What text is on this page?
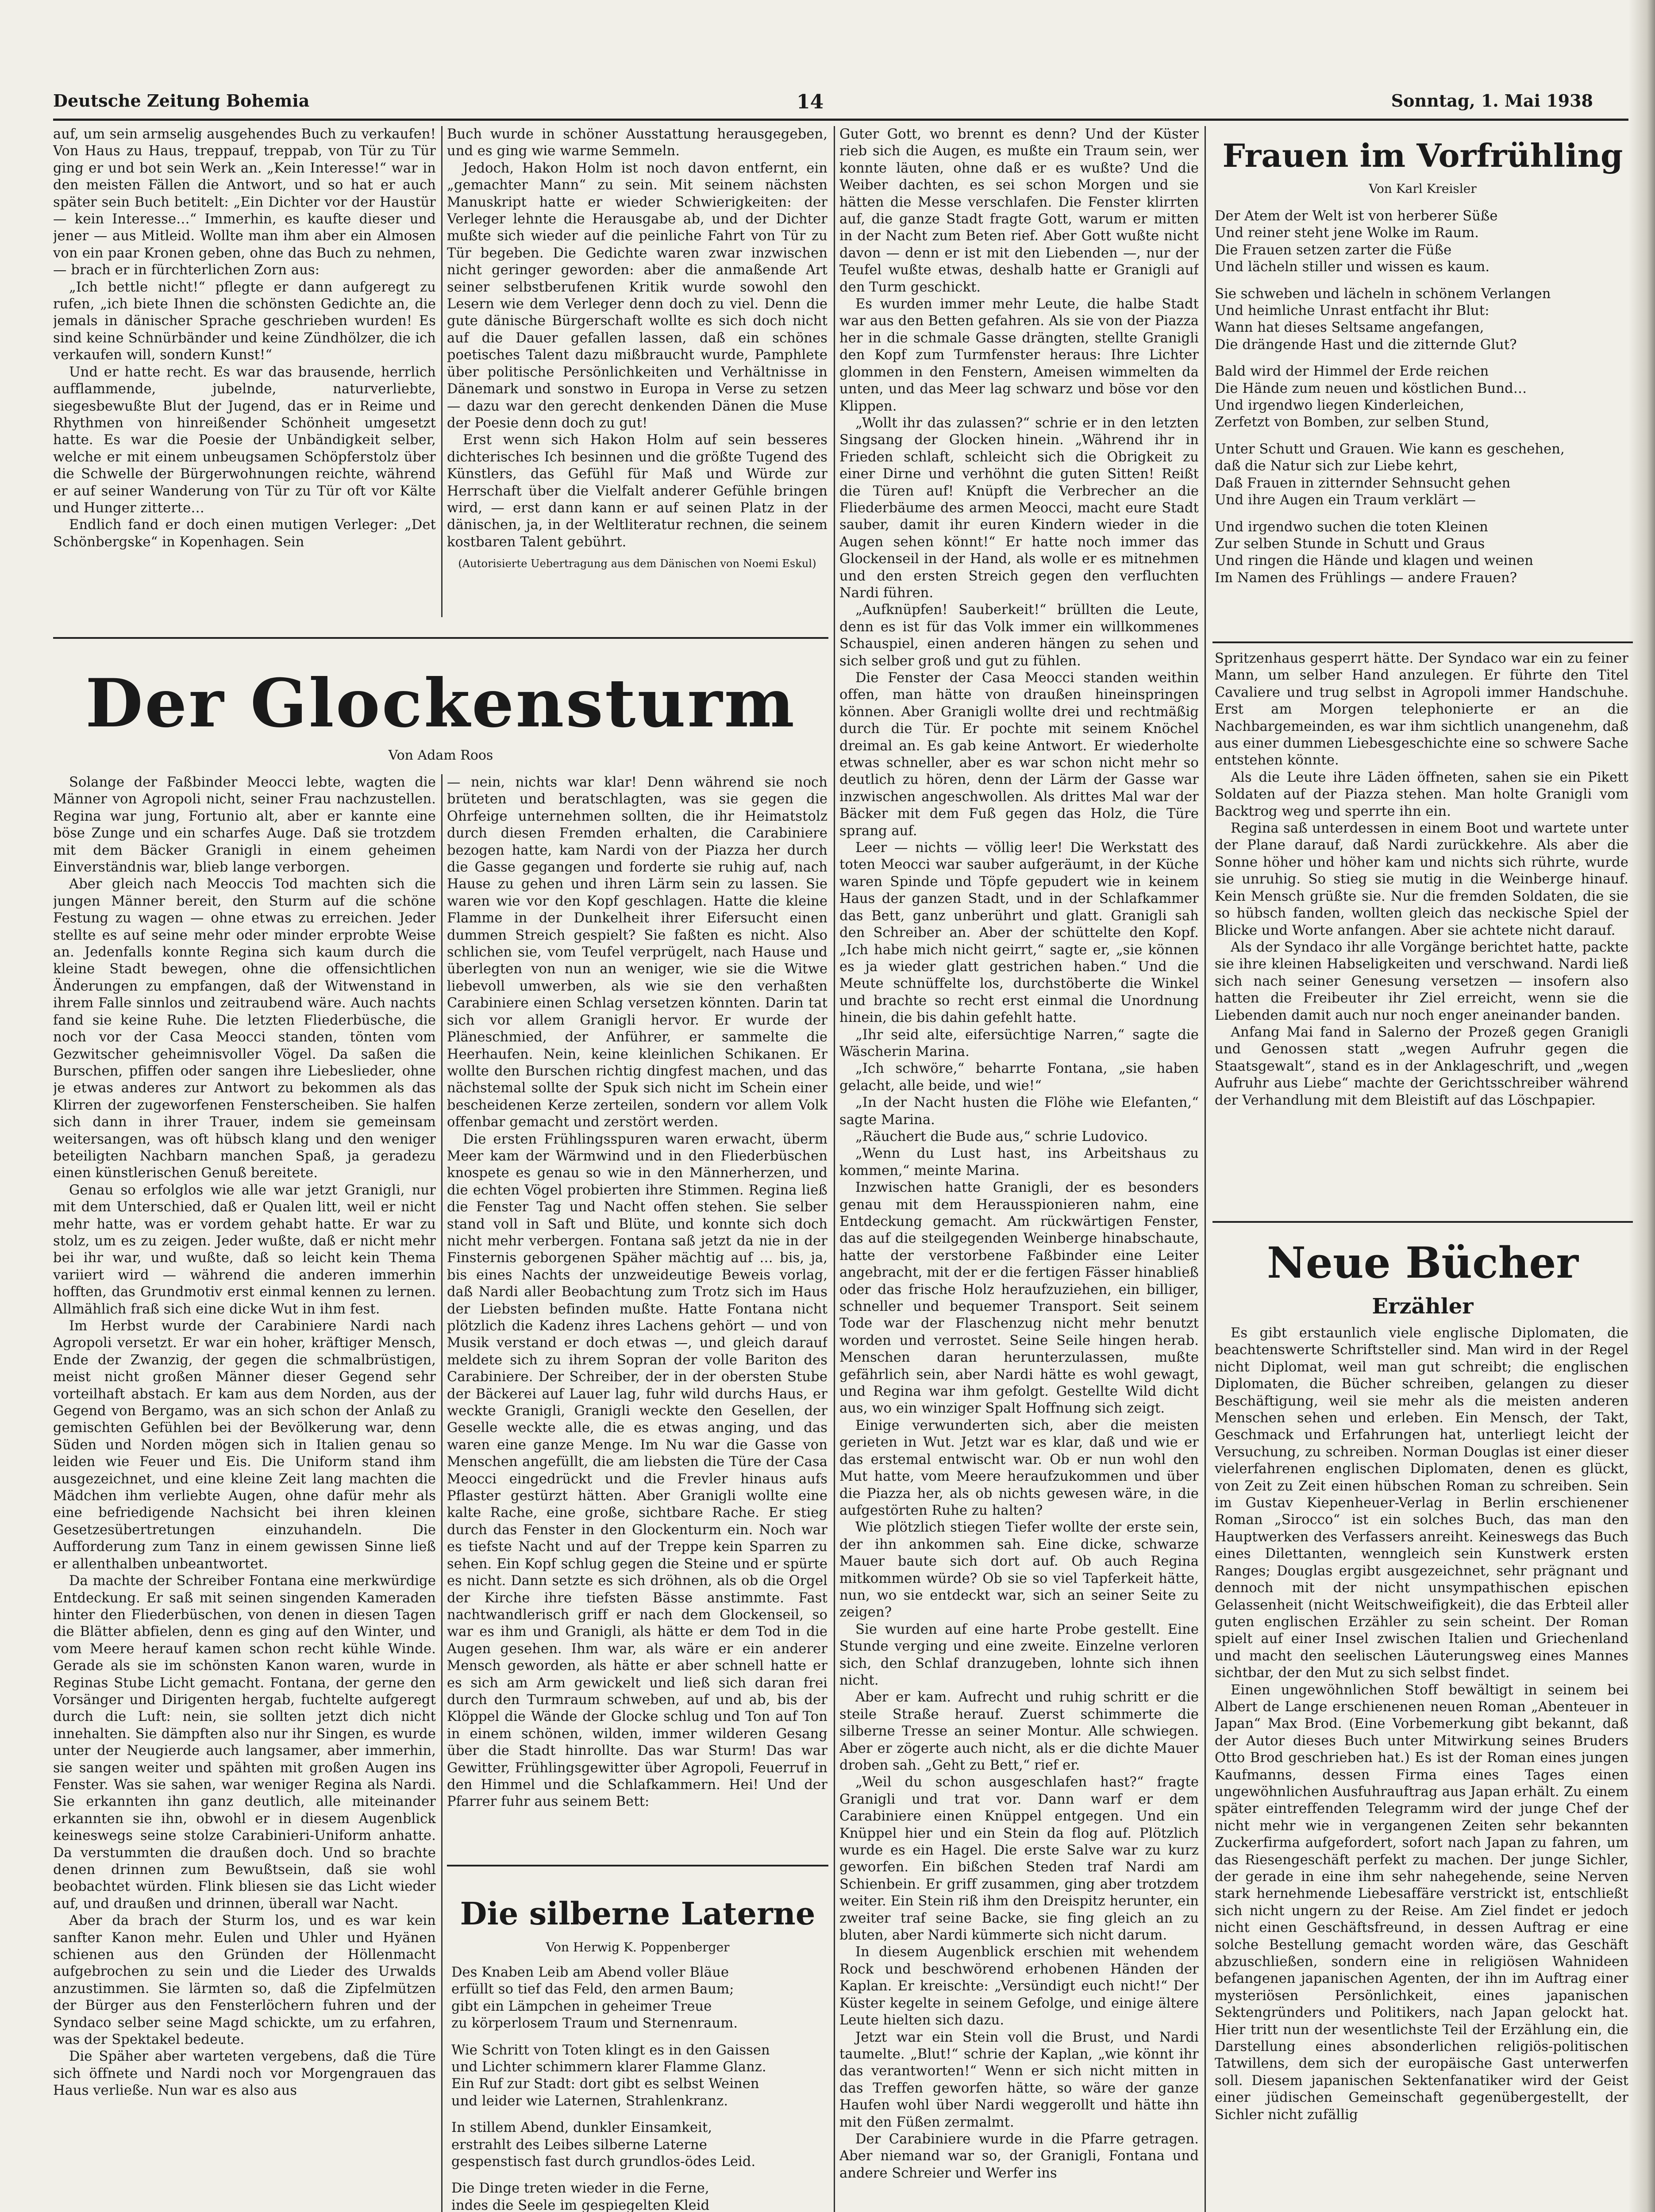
Deutsche Zeitung Bohemia	14	Sonntag, 1. Mai 1938

auf, um sein armselig ausgehendes Buch zu verkaufen! Von Haus zu Haus, treppauf, treppab, von Tür zu Tür ging er und bot sein Werk an. „Kein Interesse!“ war in den meisten Fällen die Antwort, und so hat er auch später sein Buch betitelt: „Ein Dichter vor der Haustür — kein Interesse…“ Immerhin, es kaufte dieser und jener — aus Mitleid. Wollte man ihm aber ein Almosen von ein paar Kronen geben, ohne das Buch zu nehmen, — brach er in fürchterlichen Zorn aus:

„Ich bettle nicht!“ pflegte er dann aufgeregt zu rufen, „ich biete Ihnen die schönsten Gedichte an, die jemals in dänischer Sprache geschrieben wurden! Es sind keine Schnürbänder und keine Zündhölzer, die ich verkaufen will, sondern Kunst!“

Und er hatte recht. Es war das brausende, herrlich aufflammende, jubelnde, naturverliebte, siegesbewußte Blut der Jugend, das er in Reime und Rhythmen von hinreißender Schönheit umgesetzt hatte. Es war die Poesie der Unbändigkeit selber, welche er mit einem unbeugsamen Schöpferstolz über die Schwelle der Bürgerwohnungen reichte, während er auf seiner Wanderung von Tür zu Tür oft vor Kälte und Hunger zitterte…

Endlich fand er doch einen mutigen Verleger: „Det Schönbergske“ in Kopenhagen. Sein

Buch wurde in schöner Ausstattung herausgegeben, und es ging wie warme Semmeln.

Jedoch, Hakon Holm ist noch davon entfernt, ein „gemachter Mann“ zu sein. Mit seinem nächsten Manuskript hatte er wieder Schwierigkeiten: der Verleger lehnte die Herausgabe ab, und der Dichter mußte sich wieder auf die peinliche Fahrt von Tür zu Tür begeben. Die Gedichte waren zwar inzwischen nicht geringer geworden: aber die anmaßende Art seiner selbstberufenen Kritik wurde sowohl den Lesern wie dem Verleger denn doch zu viel. Denn die gute dänische Bürgerschaft wollte es sich doch nicht auf die Dauer gefallen lassen, daß ein schönes poetisches Talent dazu mißbraucht wurde, Pamphlete über politische Persönlichkeiten und Verhältnisse in Dänemark und sonstwo in Europa in Verse zu setzen — dazu war den gerecht denkenden Dänen die Muse der Poesie denn doch zu gut!

Erst wenn sich Hakon Holm auf sein besseres dichterisches Ich besinnen und die größte Tugend des Künstlers, das Gefühl für Maß und Würde zur Herrschaft über die Vielfalt anderer Gefühle bringen wird, — erst dann kann er auf seinen Platz in der dänischen, ja, in der Weltliteratur rechnen, die seinem kostbaren Talent gebührt.

(Autorisierte Uebertragung aus dem Dänischen von Noemi Eskul)
Der Glockensturm
Von Adam Roos

Solange der Faßbinder Meocci lebte, wagten die Männer von Agropoli nicht, seiner Frau nachzustellen. Regina war jung, Fortunio alt, aber er kannte eine böse Zunge und ein scharfes Auge. Daß sie trotzdem mit dem Bäcker Granigli in einem geheimen Einverständnis war, blieb lange verborgen.

Aber gleich nach Meoccis Tod machten sich die jungen Männer bereit, den Sturm auf die schöne Festung zu wagen — ohne etwas zu erreichen. Jeder stellte es auf seine mehr oder minder erprobte Weise an. Jedenfalls konnte Regina sich kaum durch die kleine Stadt bewegen, ohne die offensichtlichen Änderungen zu empfangen, daß der Witwenstand in ihrem Falle sinnlos und zeitraubend wäre. Auch nachts fand sie keine Ruhe. Die letzten Fliederbüsche, die noch vor der Casa Meocci standen, tönten vom Gezwitscher geheimnisvoller Vögel. Da saßen die Burschen, pfiffen oder sangen ihre Liebeslieder, ohne je etwas anderes zur Antwort zu bekommen als das Klirren der zugeworfenen Fensterscheiben. Sie halfen sich dann in ihrer Trauer, indem sie gemeinsam weitersangen, was oft hübsch klang und den weniger beteiligten Nachbarn manchen Spaß, ja geradezu einen künstlerischen Genuß bereitete.

Genau so erfolglos wie alle war jetzt Granigli, nur mit dem Unterschied, daß er Qualen litt, weil er nicht mehr hatte, was er vordem gehabt hatte. Er war zu stolz, um es zu zeigen. Jeder wußte, daß er nicht mehr bei ihr war, und wußte, daß so leicht kein Thema variiert wird — während die anderen immerhin hofften, das Grundmotiv erst einmal kennen zu lernen. Allmählich fraß sich eine dicke Wut in ihm fest.

Im Herbst wurde der Carabiniere Nardi nach Agropoli versetzt. Er war ein hoher, kräftiger Mensch, Ende der Zwanzig, der gegen die schmalbrüstigen, meist nicht großen Männer dieser Gegend sehr vorteilhaft abstach. Er kam aus dem Norden, aus der Gegend von Bergamo, was an sich schon der Anlaß zu gemischten Gefühlen bei der Bevölkerung war, denn Süden und Norden mögen sich in Italien genau so leiden wie Feuer und Eis. Die Uniform stand ihm ausgezeichnet, und eine kleine Zeit lang machten die Mädchen ihm verliebte Augen, ohne dafür mehr als eine befriedigende Nachsicht bei ihren kleinen Gesetzesübertretungen einzuhandeln. Die Aufforderung zum Tanz in einem gewissen Sinne ließ er allenthalben unbeantwortet.

Da machte der Schreiber Fontana eine merkwürdige Entdeckung. Er saß mit seinen singenden Kameraden hinter den Fliederbüschen, von denen in diesen Tagen die Blätter abfielen, denn es ging auf den Winter, und vom Meere herauf kamen schon recht kühle Winde. Gerade als sie im schönsten Kanon waren, wurde in Reginas Stube Licht gemacht. Fontana, der gerne den Vorsänger und Dirigenten hergab, fuchtelte aufgeregt durch die Luft: nein, sie sollten jetzt dich nicht innehalten. Sie dämpften also nur ihr Singen, es wurde unter der Neugierde auch langsamer, aber immerhin, sie sangen weiter und spähten mit großen Augen ins Fenster. Was sie sahen, war weniger Regina als Nardi. Sie erkannten ihn ganz deutlich, alle miteinander erkannten sie ihn, obwohl er in diesem Augenblick keineswegs seine stolze Carabinieri-Uniform anhatte. Da verstummten die draußen doch. Und so brachte denen drinnen zum Bewußtsein, daß sie wohl beobachtet würden. Flink bliesen sie das Licht wieder auf, und draußen und drinnen, überall war Nacht.

Aber da brach der Sturm los, und es war kein sanfter Kanon mehr. Eulen und Uhler und Hyänen schienen aus den Gründen der Höllenmacht aufgebrochen zu sein und die Lieder des Urwalds anzustimmen. Sie lärmten so, daß die Zipfelmützen der Bürger aus den Fensterlöchern fuhren und der Syndaco selber seine Magd schickte, um zu erfahren, was der Spektakel bedeute.

Die Späher aber warteten vergebens, daß die Türe sich öffnete und Nardi noch vor Morgengrauen das Haus verließe. Nun war es also aus

— nein, nichts war klar! Denn während sie noch brüteten und beratschlagten, was sie gegen die Ohrfeige unternehmen sollten, die ihr Heimatstolz durch diesen Fremden erhalten, die Carabiniere bezogen hatte, kam Nardi von der Piazza her durch die Gasse gegangen und forderte sie ruhig auf, nach Hause zu gehen und ihren Lärm sein zu lassen. Sie waren wie vor den Kopf geschlagen. Hatte die kleine Flamme in der Dunkelheit ihrer Eifersucht einen dummen Streich gespielt? Sie faßten es nicht. Also schlichen sie, vom Teufel verprügelt, nach Hause und überlegten von nun an weniger, wie sie die Witwe liebevoll umwerben, als wie sie den verhaßten Carabiniere einen Schlag versetzen könnten. Darin tat sich vor allem Granigli hervor. Er wurde der Pläneschmied, der Anführer, er sammelte die Heerhaufen. Nein, keine kleinlichen Schikanen. Er wollte den Burschen richtig dingfest machen, und das nächstemal sollte der Spuk sich nicht im Schein einer bescheidenen Kerze zerteilen, sondern vor allem Volk offenbar gemacht und zerstört werden.

Die ersten Frühlingsspuren waren erwacht, überm Meer kam der Wärmwind und in den Fliederbüschen knospete es genau so wie in den Männerherzen, und die echten Vögel probierten ihre Stimmen. Regina ließ die Fenster Tag und Nacht offen stehen. Sie selber stand voll in Saft und Blüte, und konnte sich doch nicht mehr verbergen. Fontana saß jetzt da nie in der Finsternis geborgenen Späher mächtig auf … bis, ja, bis eines Nachts der unzweideutige Beweis vorlag, daß Nardi aller Beobachtung zum Trotz sich im Haus der Liebsten befinden mußte. Hatte Fontana nicht plötzlich die Kadenz ihres Lachens gehört — und von Musik verstand er doch etwas —, und gleich darauf meldete sich zu ihrem Sopran der volle Bariton des Carabiniere. Der Schreiber, der in der obersten Stube der Bäckerei auf Lauer lag, fuhr wild durchs Haus, er weckte Granigli, Granigli weckte den Gesellen, der Geselle weckte alle, die es etwas anging, und das waren eine ganze Menge. Im Nu war die Gasse von Menschen angefüllt, die am liebsten die Türe der Casa Meocci eingedrückt und die Frevler hinaus aufs Pflaster gestürzt hätten. Aber Granigli wollte eine kalte Rache, eine große, sichtbare Rache. Er stieg durch das Fenster in den Glockenturm ein. Noch war es tiefste Nacht und auf der Treppe kein Sparren zu sehen. Ein Kopf schlug gegen die Steine und er spürte es nicht. Dann setzte es sich dröhnen, als ob die Orgel der Kirche ihre tiefsten Bässe anstimmte. Fast nachtwandlerisch griff er nach dem Glockenseil, so war es ihm und Granigli, als hätte er dem Tod in die Augen gesehen. Ihm war, als wäre er ein anderer Mensch geworden, als hätte er aber schnell hatte er es sich am Arm gewickelt und ließ sich daran frei durch den Turmraum schweben, auf und ab, bis der Klöppel die Wände der Glocke schlug und Ton auf Ton in einem schönen, wilden, immer wilderen Gesang über die Stadt hinrollte. Das war Sturm! Das war Gewitter, Frühlingsgewitter über Agropoli, Feuerruf in den Himmel und die Schlafkammern. Hei! Und der Pfarrer fuhr aus seinem Bett:

Die silberne Laterne
Von Herwig K. Poppenberger
Des Knaben Leib am Abend voller Bläue
erfüllt so tief das Feld, den armen Baum;
gibt ein Lämpchen in geheimer Treue
zu körperlosem Traum und Sternenraum.
Wie Schritt von Toten klingt es in den Gaissen
und Lichter schimmern klarer Flamme Glanz.
Ein Ruf zur Stadt: dort gibt es selbst Weinen
und leider wie Laternen, Strahlenkranz.
In stillem Abend, dunkler Einsamkeit,
erstrahlt des Leibes silberne Laterne
gespenstisch fast durch grundlos-ödes Leid.
Die Dinge treten wieder in die Ferne,
indes die Seele im gespiegelten Kleid

Guter Gott, wo brennt es denn? Und der Küster rieb sich die Augen, es mußte ein Traum sein, wer konnte läuten, ohne daß er es wußte? Und die Weiber dachten, es sei schon Morgen und sie hätten die Messe verschlafen. Die Fenster klirrten auf, die ganze Stadt fragte Gott, warum er mitten in der Nacht zum Beten rief. Aber Gott wußte nicht davon — denn er ist mit den Liebenden —, nur der Teufel wußte etwas, deshalb hatte er Granigli auf den Turm geschickt.

Es wurden immer mehr Leute, die halbe Stadt war aus den Betten gefahren. Als sie von der Piazza her in die schmale Gasse drängten, stellte Granigli den Kopf zum Turmfenster heraus: Ihre Lichter glommen in den Fenstern, Ameisen wimmelten da unten, und das Meer lag schwarz und böse vor den Klippen.

„Wollt ihr das zulassen?“ schrie er in den letzten Singsang der Glocken hinein. „Während ihr in Frieden schlaft, schleicht sich die Obrigkeit zu einer Dirne und verhöhnt die guten Sitten! Reißt die Türen auf! Knüpft die Verbrecher an die Fliederbäume des armen Meocci, macht eure Stadt sauber, damit ihr euren Kindern wieder in die Augen sehen könnt!“ Er hatte noch immer das Glockenseil in der Hand, als wolle er es mitnehmen und den ersten Streich gegen den verfluchten Nardi führen.

„Aufknüpfen! Sauberkeit!“ brüllten die Leute, denn es ist für das Volk immer ein willkommenes Schauspiel, einen anderen hängen zu sehen und sich selber groß und gut zu fühlen.

Die Fenster der Casa Meocci standen weithin offen, man hätte von draußen hineinspringen können. Aber Granigli wollte drei und rechtmäßig durch die Tür. Er pochte mit seinem Knöchel dreimal an. Es gab keine Antwort. Er wiederholte etwas schneller, aber es war schon nicht mehr so deutlich zu hören, denn der Lärm der Gasse war inzwischen angeschwollen. Als drittes Mal war der Bäcker mit dem Fuß gegen das Holz, die Türe sprang auf.

Leer — nichts — völlig leer! Die Werkstatt des toten Meocci war sauber aufgeräumt, in der Küche waren Spinde und Töpfe gepudert wie in keinem Haus der ganzen Stadt, und in der Schlafkammer das Bett, ganz unberührt und glatt. Granigli sah den Schreiber an. Aber der schüttelte den Kopf. „Ich habe mich nicht geirrt,“ sagte er, „sie können es ja wieder glatt gestrichen haben.“ Und die Meute schnüffelte los, durchstöberte die Winkel und brachte so recht erst einmal die Unordnung hinein, die bis dahin gefehlt hatte.

„Ihr seid alte, eifersüchtige Narren,“ sagte die Wäscherin Marina.

„Ich schwöre,“ beharrte Fontana, „sie haben gelacht, alle beide, und wie!“

„In der Nacht husten die Flöhe wie Elefanten,“ sagte Marina.

„Räuchert die Bude aus,“ schrie Ludovico.

„Wenn du Lust hast, ins Arbeitshaus zu kommen,“ meinte Marina.

Inzwischen hatte Granigli, der es besonders genau mit dem Herausspionieren nahm, eine Entdeckung gemacht. Am rückwärtigen Fenster, das auf die steilgegenden Weinberge hinabschaute, hatte der verstorbene Faßbinder eine Leiter angebracht, mit der er die fertigen Fässer hinabließ oder das frische Holz heraufzuziehen, ein billiger, schneller und bequemer Transport. Seit seinem Tode war der Flaschenzug nicht mehr benutzt worden und verrostet. Seine Seile hingen herab. Menschen daran herunterzulassen, mußte gefährlich sein, aber Nardi hätte es wohl gewagt, und Regina war ihm gefolgt. Gestellte Wild dicht aus, wo ein winziger Spalt Hoffnung sich zeigt.

Einige verwunderten sich, aber die meisten gerieten in Wut. Jetzt war es klar, daß und wie er das erstemal entwischt war. Ob er nun wohl den Mut hatte, vom Meere heraufzukommen und über die Piazza her, als ob nichts gewesen wäre, in die aufgestörten Ruhe zu halten?

Wie plötzlich stiegen Tiefer wollte der erste sein, der ihn ankommen sah. Eine dicke, schwarze Mauer baute sich dort auf. Ob auch Regina mitkommen würde? Ob sie so viel Tapferkeit hätte, nun, wo sie entdeckt war, sich an seiner Seite zu zeigen?

Sie wurden auf eine harte Probe gestellt. Eine Stunde verging und eine zweite. Einzelne verloren sich, den Schlaf dranzugeben, lohnte sich ihnen nicht.

Aber er kam. Aufrecht und ruhig schritt er die steile Straße herauf. Zuerst schimmerte die silberne Tresse an seiner Montur. Alle schwiegen. Aber er zögerte auch nicht, als er die dichte Mauer droben sah. „Geht zu Bett,“ rief er.

„Weil du schon ausgeschlafen hast?“ fragte Granigli und trat vor. Dann warf er dem Carabiniere einen Knüppel entgegen. Und ein Knüppel hier und ein Stein da flog auf. Plötzlich wurde es ein Hagel. Die erste Salve war zu kurz geworfen. Ein bißchen Steden traf Nardi am Schienbein. Er griff zusammen, ging aber trotzdem weiter. Ein Stein riß ihm den Dreispitz herunter, ein zweiter traf seine Backe, sie fing gleich an zu bluten, aber Nardi kümmerte sich nicht darum.

In diesem Augenblick erschien mit wehendem Rock und beschwörend erhobenen Händen der Kaplan. Er kreischte: „Versündigt euch nicht!“ Der Küster kegelte in seinem Gefolge, und einige ältere Leute hielten sich dazu.

Jetzt war ein Stein voll die Brust, und Nardi taumelte. „Blut!“ schrie der Kaplan, „wie könnt ihr das verantworten!“ Wenn er sich nicht mitten in das Treffen geworfen hätte, so wäre der ganze Haufen wohl über Nardi weggerollt und hätte ihn mit den Füßen zermalmt.

Der Carabiniere wurde in die Pfarre getragen. Aber niemand war so, der Granigli, Fontana und andere Schreier und Werfer ins

Frauen im Vorfrühling
Von Karl Kreisler
Der Atem der Welt ist von herberer Süße
Und reiner steht jene Wolke im Raum.
Die Frauen setzen zarter die Füße
Und lächeln stiller und wissen es kaum.
Sie schweben und lächeln in schönem Verlangen
Und heimliche Unrast entfacht ihr Blut:
Wann hat dieses Seltsame angefangen,
Die drängende Hast und die zitternde Glut?
Bald wird der Himmel der Erde reichen
Die Hände zum neuen und köstlichen Bund…
Und irgendwo liegen Kinderleichen,
Zerfetzt von Bomben, zur selben Stund,
Unter Schutt und Grauen. Wie kann es geschehen,
daß die Natur sich zur Liebe kehrt,
Daß Frauen in zitternder Sehnsucht gehen
Und ihre Augen ein Traum verklärt —
Und irgendwo suchen die toten Kleinen
Zur selben Stunde in Schutt und Graus
Und ringen die Hände und klagen und weinen
Im Namen des Frühlings — andere Frauen?

Spritzenhaus gesperrt hätte. Der Syndaco war ein zu feiner Mann, um selber Hand anzulegen. Er führte den Titel Cavaliere und trug selbst in Agropoli immer Handschuhe. Erst am Morgen telephonierte er an die Nachbargemeinden, es war ihm sichtlich unangenehm, daß aus einer dummen Liebesgeschichte eine so schwere Sache entstehen könnte.

Als die Leute ihre Läden öffneten, sahen sie ein Pikett Soldaten auf der Piazza stehen. Man holte Granigli vom Backtrog weg und sperrte ihn ein.

Regina saß unterdessen in einem Boot und wartete unter der Plane darauf, daß Nardi zurückkehre. Als aber die Sonne höher und höher kam und nichts sich rührte, wurde sie unruhig. So stieg sie mutig in die Weinberge hinauf. Kein Mensch grüßte sie. Nur die fremden Soldaten, die sie so hübsch fanden, wollten gleich das neckische Spiel der Blicke und Worte anfangen. Aber sie achtete nicht darauf.

Als der Syndaco ihr alle Vorgänge berichtet hatte, packte sie ihre kleinen Habseligkeiten und verschwand. Nardi ließ sich nach seiner Genesung versetzen — insofern also hatten die Freibeuter ihr Ziel erreicht, wenn sie die Liebenden damit auch nur noch enger aneinander banden.

Anfang Mai fand in Salerno der Prozeß gegen Granigli und Genossen statt „wegen Aufruhr gegen die Staatsgewalt“, stand es in der Anklageschrift, und „wegen Aufruhr aus Liebe“ machte der Gerichtsschreiber während der Verhandlung mit dem Bleistift auf das Löschpapier.

Neue Bücher
Erzähler

Es gibt erstaunlich viele englische Diplomaten, die beachtenswerte Schriftsteller sind. Man wird in der Regel nicht Diplomat, weil man gut schreibt; die englischen Diplomaten, die Bücher schreiben, gelangen zu dieser Beschäftigung, weil sie mehr als die meisten anderen Menschen sehen und erleben. Ein Mensch, der Takt, Geschmack und Erfahrungen hat, unterliegt leicht der Versuchung, zu schreiben. Norman Douglas ist einer dieser vielerfahrenen englischen Diplomaten, denen es glückt, von Zeit zu Zeit einen hübschen Roman zu schreiben. Sein im Gustav Kiepenheuer-Verlag in Berlin erschienener Roman „Sirocco“ ist ein solches Buch, das man den Hauptwerken des Verfassers anreiht. Keineswegs das Buch eines Dilettanten, wenngleich sein Kunstwerk ersten Ranges; Douglas ergibt ausgezeichnet, sehr prägnant und dennoch mit der nicht unsympathischen epischen Gelassenheit (nicht Weitschweifigkeit), die das Erbteil aller guten englischen Erzähler zu sein scheint. Der Roman spielt auf einer Insel zwischen Italien und Griechenland und macht den seelischen Läuterungsweg eines Mannes sichtbar, der den Mut zu sich selbst findet.

Einen ungewöhnlichen Stoff bewältigt in seinem bei Albert de Lange erschienenen neuen Roman „Abenteuer in Japan“ Max Brod. (Eine Vorbemerkung gibt bekannt, daß der Autor dieses Buch unter Mitwirkung seines Bruders Otto Brod geschrieben hat.) Es ist der Roman eines jungen Kaufmanns, dessen Firma eines Tages einen ungewöhnlichen Ausfuhrauftrag aus Japan erhält. Zu einem später eintreffenden Telegramm wird der junge Chef der nicht mehr wie in vergangenen Zeiten sehr bekannten Zuckerfirma aufgefordert, sofort nach Japan zu fahren, um das Riesengeschäft perfekt zu machen. Der junge Sichler, der gerade in eine ihm sehr nahegehende, seine Nerven stark hernehmende Liebesaffäre verstrickt ist, entschließt sich nicht ungern zu der Reise. Am Ziel findet er jedoch nicht einen Geschäftsfreund, in dessen Auftrag er eine solche Bestellung gemacht worden wäre, das Geschäft abzuschließen, sondern eine in religiösen Wahnideen befangenen japanischen Agenten, der ihn im Auftrag einer mysteriösen Persönlichkeit, eines japanischen Sektengründers und Politikers, nach Japan gelockt hat. Hier tritt nun der wesentlichste Teil der Erzählung ein, die Darstellung eines absonderlichen religiös-politischen Tatwillens, dem sich der europäische Gast unterwerfen soll. Diesem japanischen Sektenfanatiker wird der Geist einer jüdischen Gemeinschaft gegenübergestellt, der Sichler nicht zufällig
